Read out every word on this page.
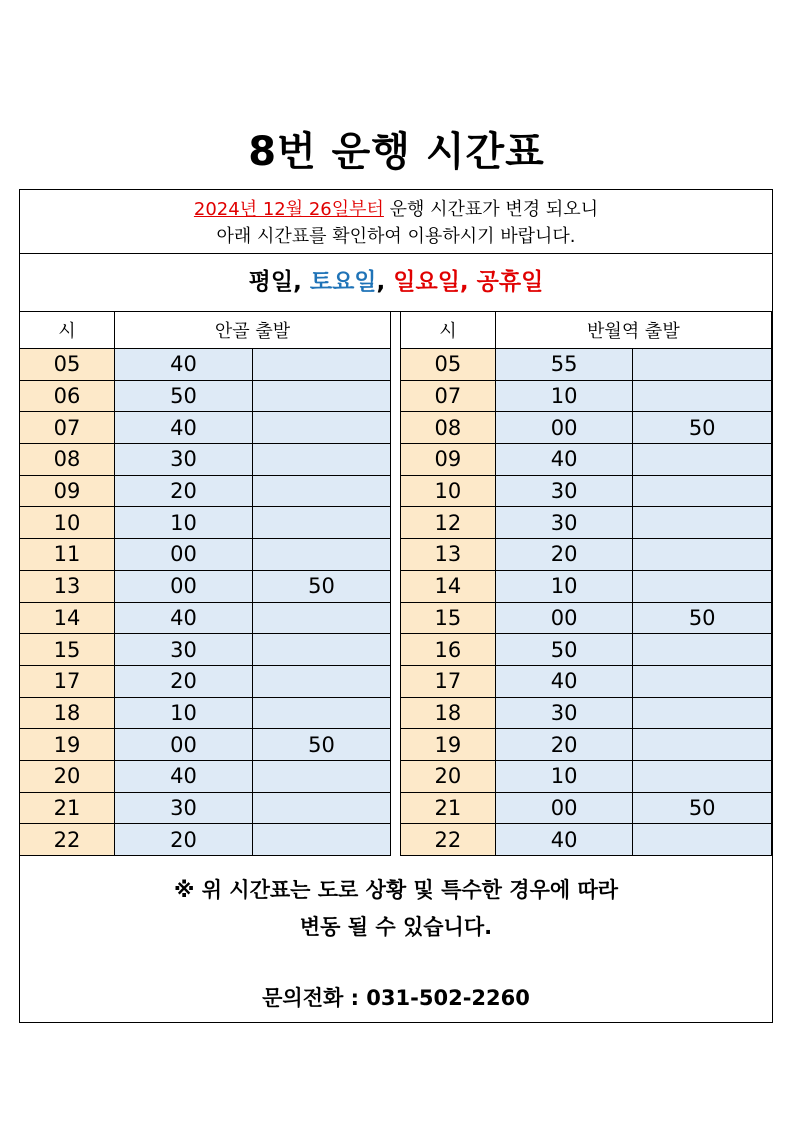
8번 운행 시간표
2024년 12월 26일부터 운행 시간표가 변경 되오니
아래 시간표를 확인하여 이용하시기 바랍니다.
평일, 토요일, 일요일, 공휴일
시	안골 출발	
05	40	
06	50	
07	40	
08	30	
09	20	
10	10	
11	00	
13	00	50
14	40	
15	30	
17	20	
18	10	
19	00	50
20	40	
21	30	
22	20	
시	반월역 출발	
05	55	
07	10	
08	00	50
09	40	
10	30	
12	30	
13	20	
14	10	
15	00	50
16	50	
17	40	
18	30	
19	20	
20	10	
21	00	50
22	40	
※ 위 시간표는 도로 상황 및 특수한 경우에 따라
변동 될 수 있습니다.
문의전화 : 031-502-2260
